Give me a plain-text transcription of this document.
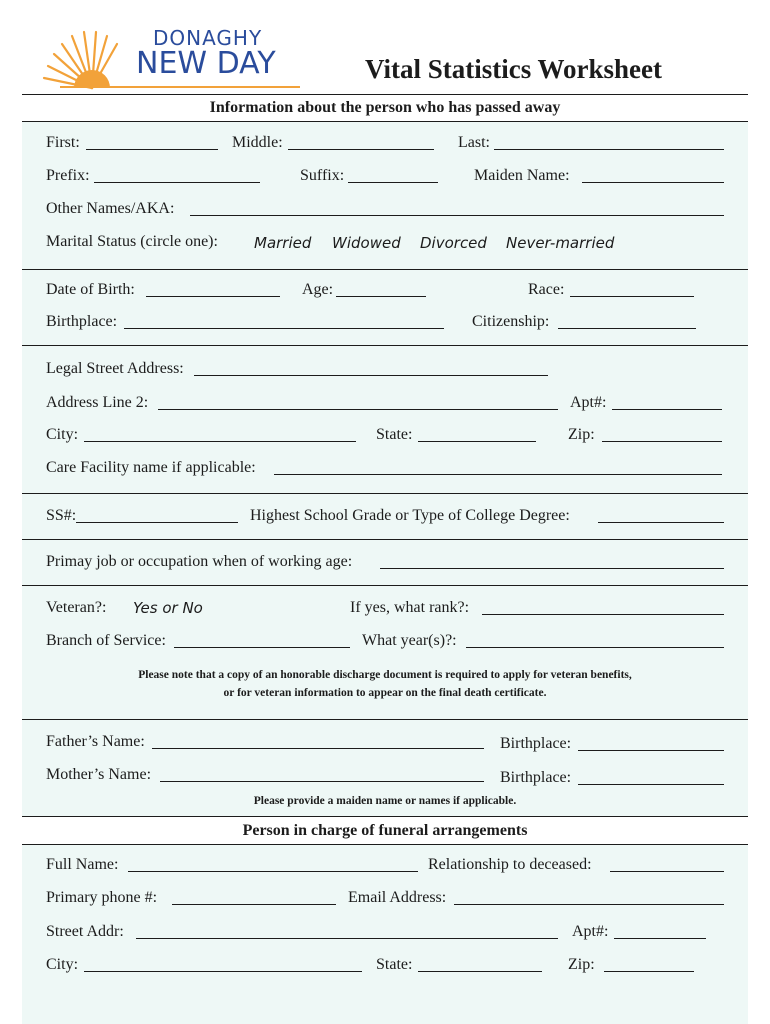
DONAGHY
NEW DAY	Vital Statistics Worksheet
Information about the person who has passed away
First:	Middle:	Last:
Prefix:	Suffix:	Maiden Name:
Other Names/AKA:
Marital Status (circle one): Married Widowed Divorced Never-married
Date of Birth:	Age:	Race:
Birthplace:	Citizenship:
Legal Street Address:
Address Line 2:	Apt#:
City:	State:	Zip:
Care Facility name if applicable:
SS#:	Highest School Grade or Type of College Degree:
Primay job or occupation when of working age:
Veteran?: Yes or No	If yes, what rank?:
Branch of Service:	What year(s)?:
Please note that a copy of an honorable discharge document is required to apply for veteran benefits,
or for veteran information to appear on the final death certificate.
Father’s Name:	Birthplace:
Mother’s Name:	Birthplace:
Please provide a maiden name or names if applicable.
Person in charge of funeral arrangements
Full Name:	Relationship to deceased:
Primary phone #:	Email Address:
Street Addr:	Apt#:
City:	State:	Zip:
